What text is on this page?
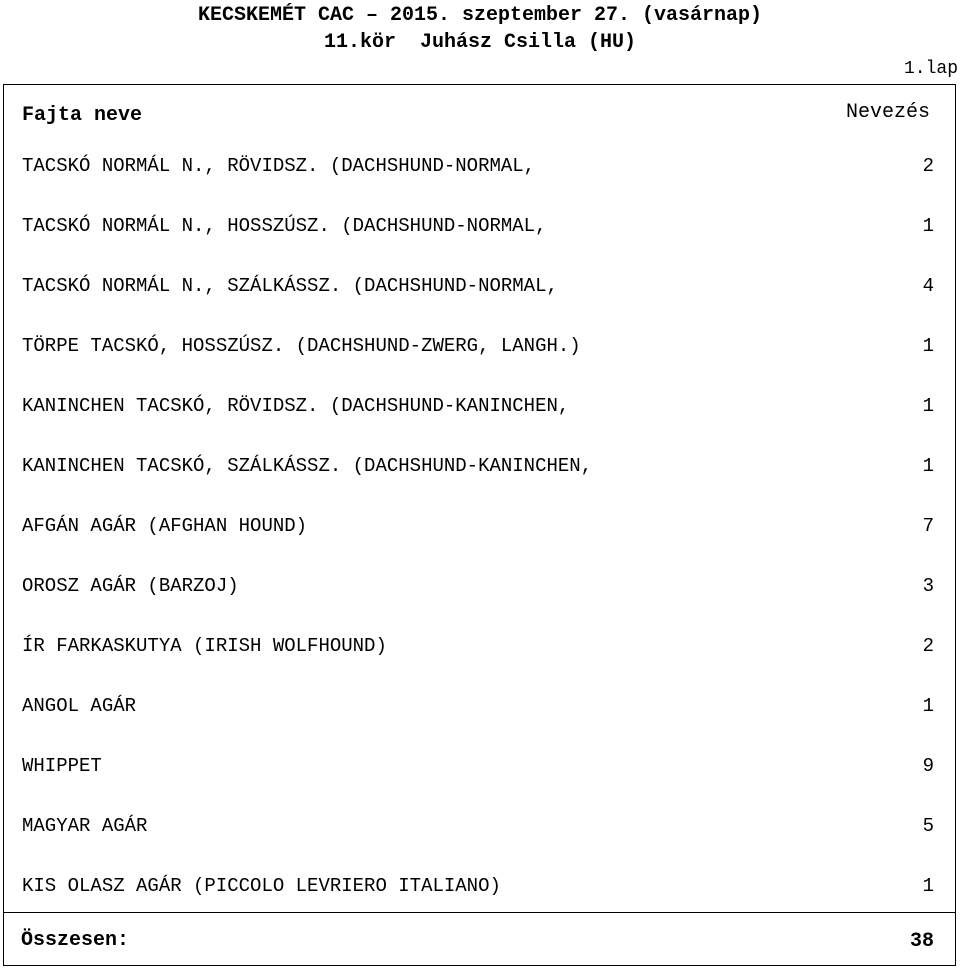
KECSKEMÉT CAC – 2015. szeptember 27. (vasárnap)
11.kör  Juhász Csilla (HU)
1.lap
Fajta neve	Nevezés
TACSKÓ NORMÁL N., RÖVIDSZ. (DACHSHUND-NORMAL,	2
TACSKÓ NORMÁL N., HOSSZÚSZ. (DACHSHUND-NORMAL,	1
TACSKÓ NORMÁL N., SZÁLKÁSSZ. (DACHSHUND-NORMAL,	4
TÖRPE TACSKÓ, HOSSZÚSZ. (DACHSHUND-ZWERG, LANGH.)	1
KANINCHEN TACSKÓ, RÖVIDSZ. (DACHSHUND-KANINCHEN,	1
KANINCHEN TACSKÓ, SZÁLKÁSSZ. (DACHSHUND-KANINCHEN,	1
AFGÁN AGÁR (AFGHAN HOUND)	7
OROSZ AGÁR (BARZOJ)	3
ÍR FARKASKUTYA (IRISH WOLFHOUND)	2
ANGOL AGÁR	1
WHIPPET	9
MAGYAR AGÁR	5
KIS OLASZ AGÁR (PICCOLO LEVRIERO ITALIANO)	1
Összesen:	38
